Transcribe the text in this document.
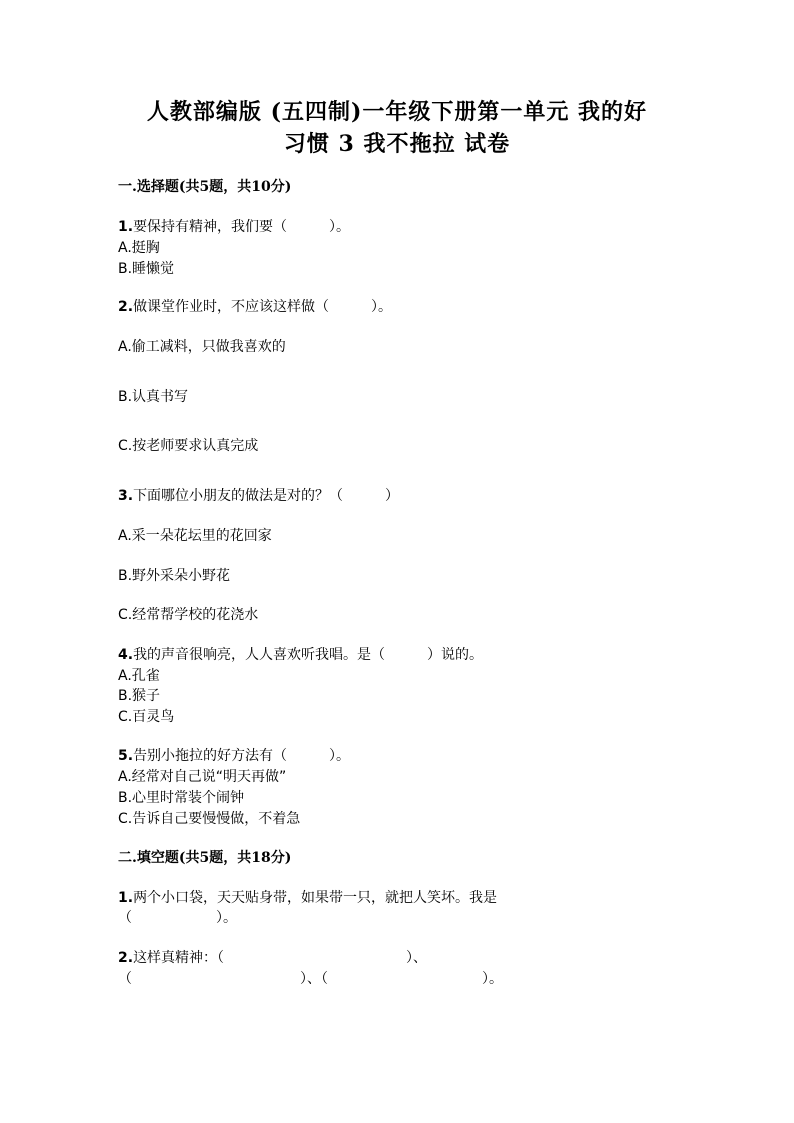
人教部编版 (五四制)一年级下册第一单元 我的好
习惯 3 我不拖拉 试卷
一.选择题(共5题，共10分)
1.要保持有精神，我们要（　　　）。
A.挺胸
B.睡懒觉
2.做课堂作业时，不应该这样做（　　　）。
A.偷工减料，只做我喜欢的
B.认真书写
C.按老师要求认真完成
3.下面哪位小朋友的做法是对的？（　　　）
A.采一朵花坛里的花回家
B.野外采朵小野花
C.经常帮学校的花浇水
4.我的声音很响亮，人人喜欢听我唱。是（　　　）说的。
A.孔雀
B.猴子
C.百灵鸟
5.告别小拖拉的好方法有（　　　）。
A.经常对自己说“明天再做”
B.心里时常装个闹钟
C.告诉自己要慢慢做，不着急
二.填空题(共5题，共18分)
1.两个小口袋，天天贴身带，如果带一只，就把人笑坏。我是
（　　　　　　）。
2.这样真精神：（　　　　　　　　　　　　　）、
（　　　　　　　　　　　　）、（　　　　　　　　　　　）。
